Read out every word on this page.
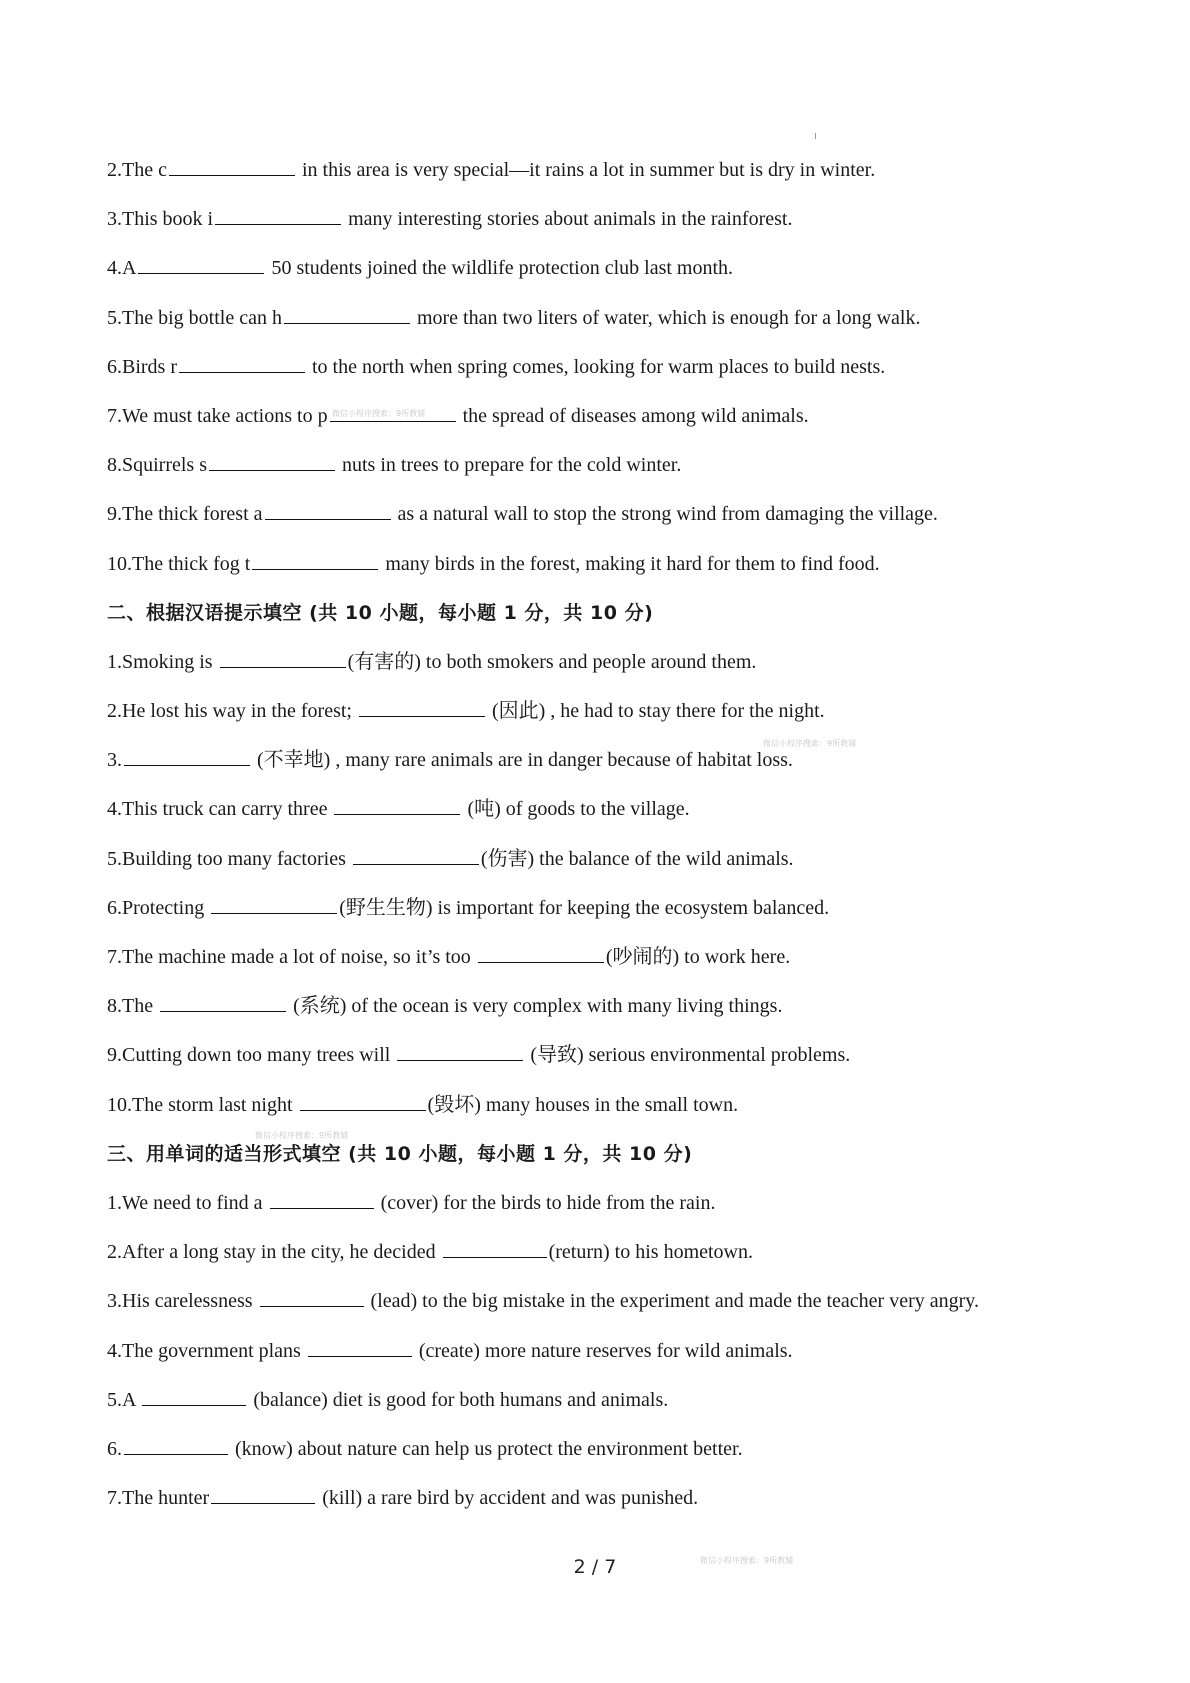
2.The c	in this area is very special—it rains a lot in summer but is dry in winter.
3.This book i	many interesting stories about animals in the rainforest.
4.A	50 students joined the wildlife protection club last month.
5.The big bottle can h	more than two liters of water, which is enough for a long walk.
6.Birds r	to the north when spring comes, looking for warm places to build nests.
7.We must take actions to p	the spread of diseases among wild animals.
8.Squirrels s	nuts in trees to prepare for the cold winter.
9.The thick forest a	as a natural wall to stop the strong wind from damaging the village.
10.The thick fog t	many birds in the forest, making it hard for them to find food.
二、根据汉语提示填空 (共 10 小题，每小题 1 分，共 10 分)
1.Smoking is	(有害的) to both smokers and people around them.
2.He lost his way in the forest;	(因此) , he had to stay there for the night.
3.	(不幸地) , many rare animals are in danger because of habitat loss.
4.This truck can carry three	(吨) of goods to the village.
5.Building too many factories	(伤害) the balance of the wild animals.
6.Protecting	(野生生物) is important for keeping the ecosystem balanced.
7.The machine made a lot of noise, so it’s too	(吵闹的) to work here.
8.The	(系统) of the ocean is very complex with many living things.
9.Cutting down too many trees will	(导致) serious environmental problems.
10.The storm last night	(毁坏) many houses in the small town.
三、用单词的适当形式填空 (共 10 小题，每小题 1 分，共 10 分)
1.We need to find a	(cover) for the birds to hide from the rain.
2.After a long stay in the city, he decided	(return) to his hometown.
3.His carelessness	(lead) to the big mistake in the experiment and made the teacher very angry.
4.The government plans	(create) more nature reserves for wild animals.
5.A	(balance) diet is good for both humans and animals.
6.	(know) about nature can help us protect the environment better.
7.The hunter	(kill) a rare bird by accident and was punished.
微信小程序搜索：9所教辅
微信小程序搜索：9所教辅
微信小程序搜索：9所教辅
微信小程序搜索：9所教辅
2 / 7
